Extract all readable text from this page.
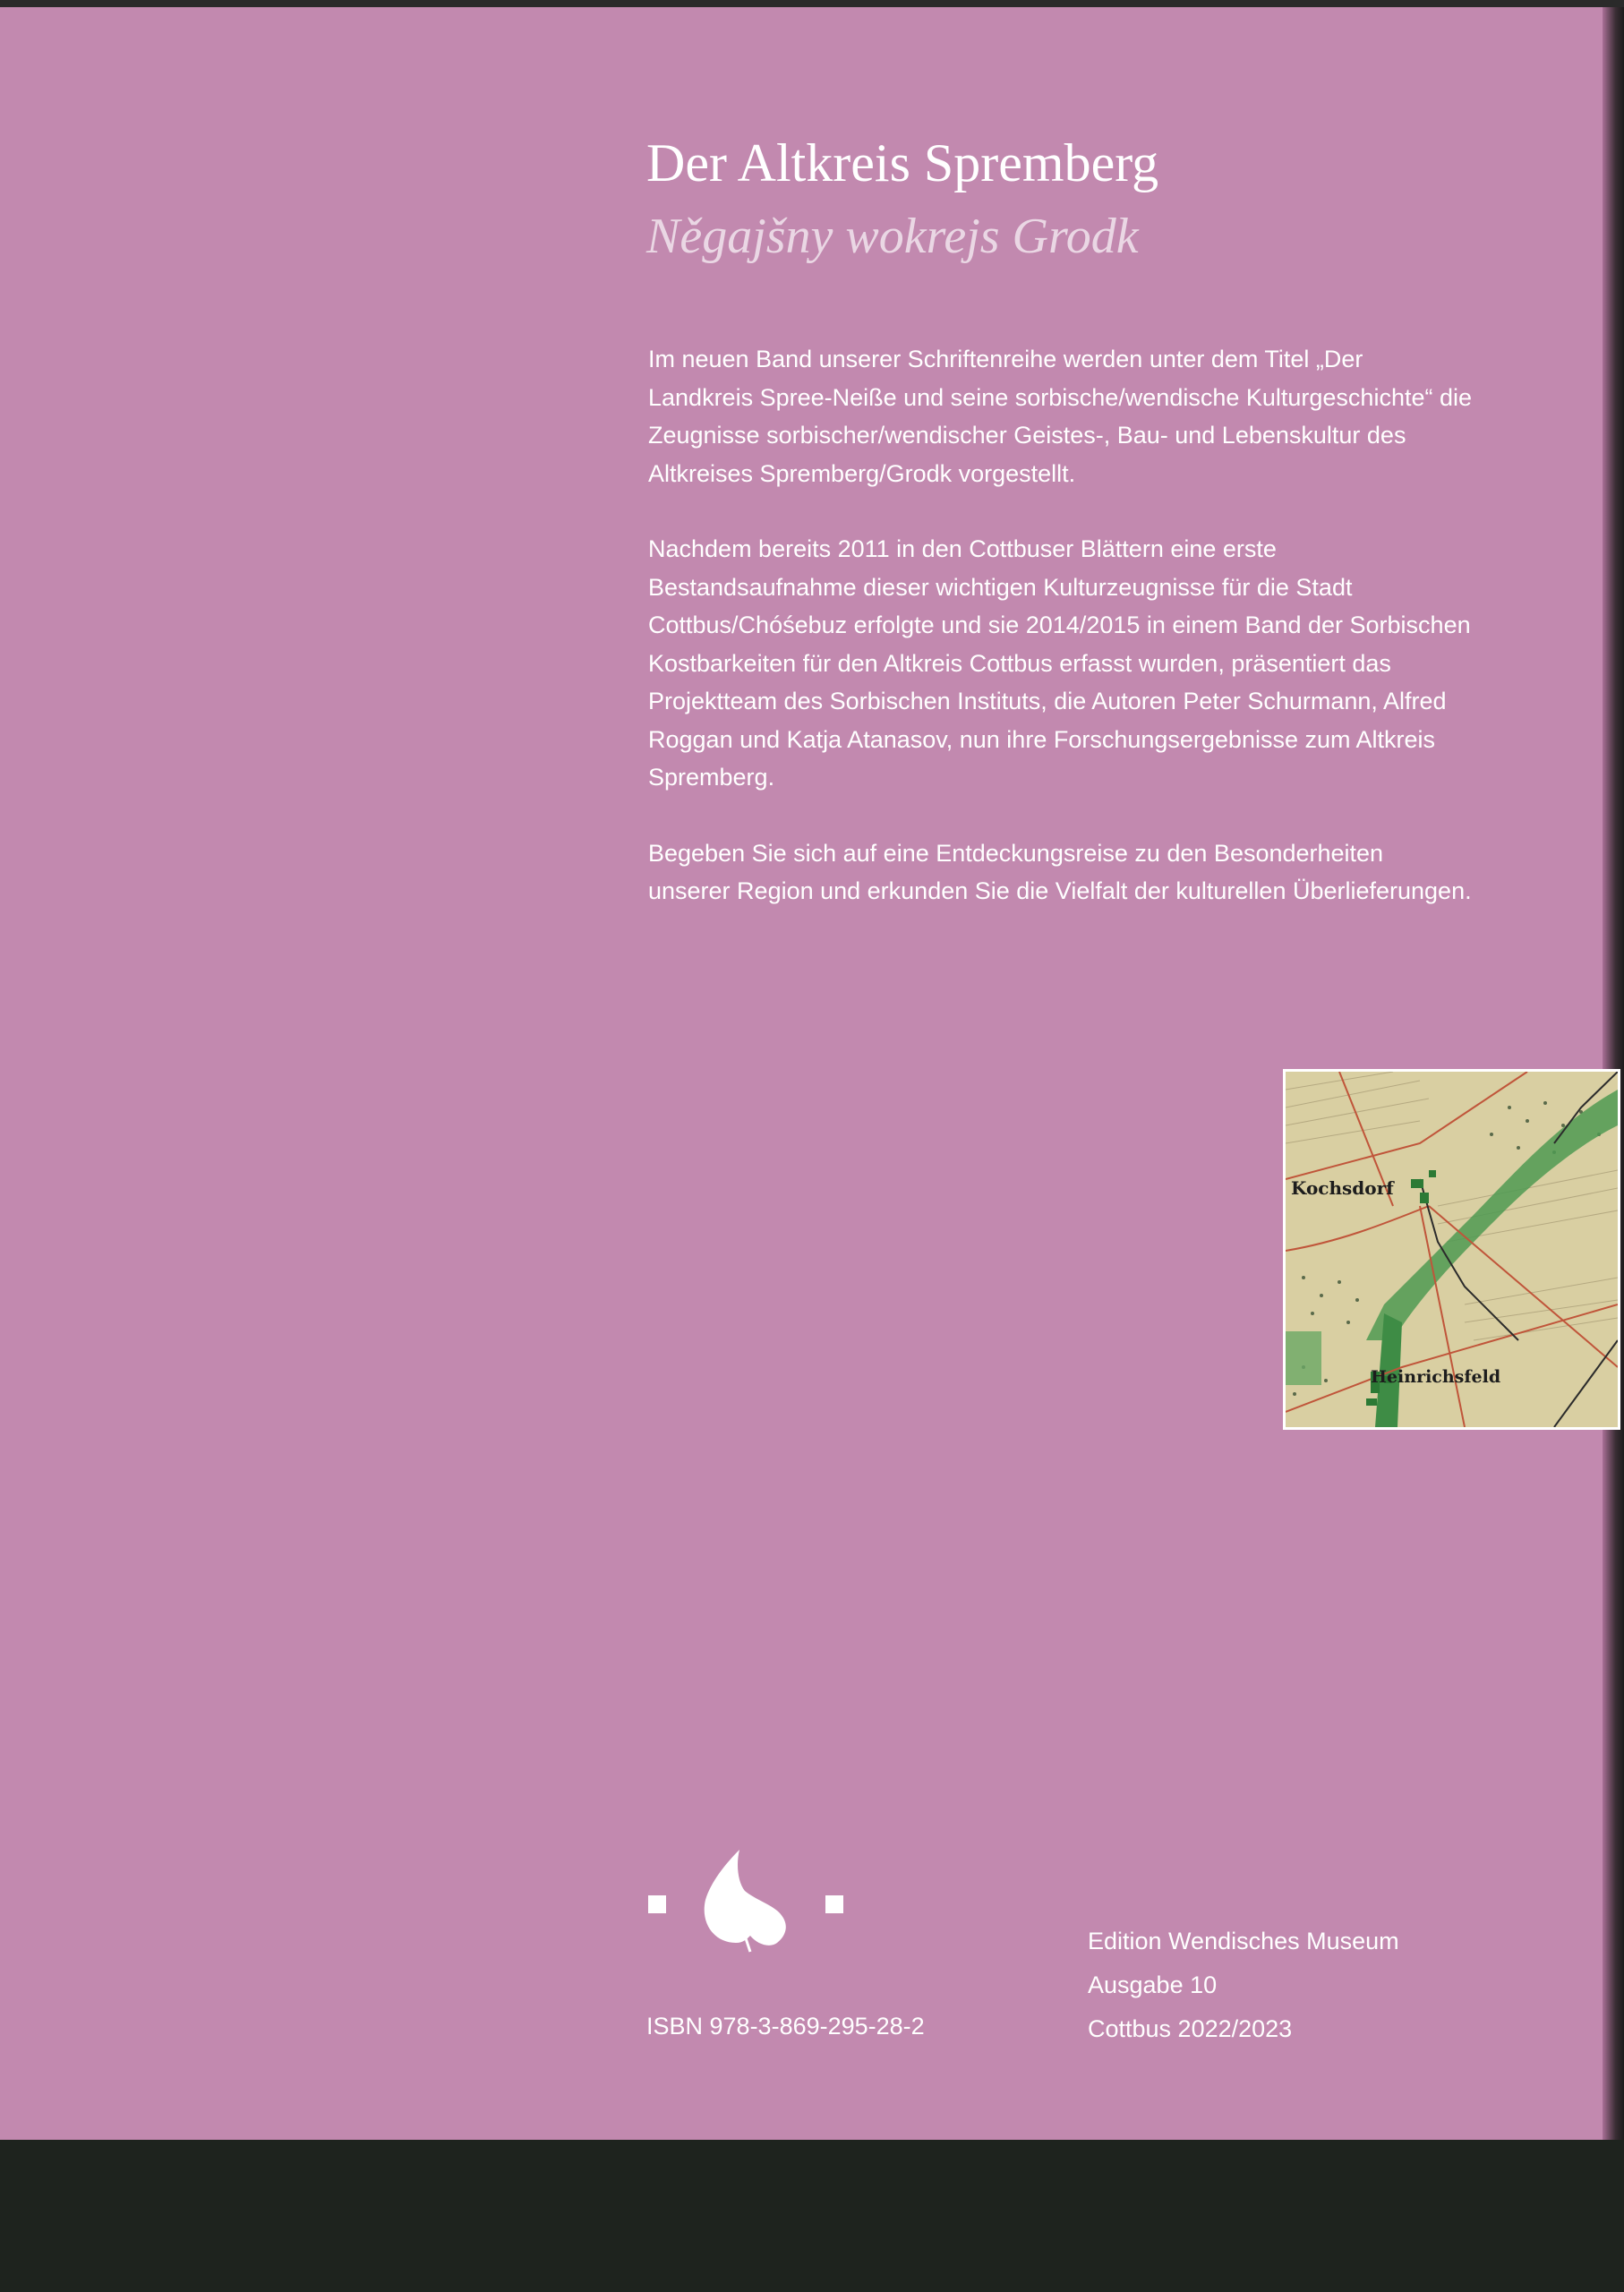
Der Altkreis Spremberg
Něgajšny wokrejs Grodk

Im neuen Band unserer Schriftenreihe werden unter dem Titel „Der Landkreis Spree-Neiße und seine sorbische/wendische Kulturgeschichte“ die Zeugnisse sorbischer/wendischer Geistes-, Bau- und Lebenskultur des Altkreises Spremberg/Grodk vorgestellt.

Nachdem bereits 2011 in den Cottbuser Blättern eine erste Bestandsaufnahme dieser wichtigen Kulturzeugnisse für die Stadt Cottbus/Chóśebuz erfolgte und sie 2014/2015 in einem Band der Sorbischen Kostbarkeiten für den Altkreis Cottbus erfasst wurden, präsentiert das Projektteam des Sorbischen Instituts, die Autoren Peter Schurmann, Alfred Roggan und Katja Atanasov, nun ihre Forschungsergebnisse zum Altkreis Spremberg.

Begeben Sie sich auf eine Entdeckungsreise zu den Besonderheiten unserer Region und erkunden Sie die Vielfalt der kulturellen Überlieferungen.

Kochsdorf
Heinrichsfeld

ISBN 978-3-869-295-28-2

Edition Wendisches Museum
Ausgabe 10
Cottbus 2022/2023
